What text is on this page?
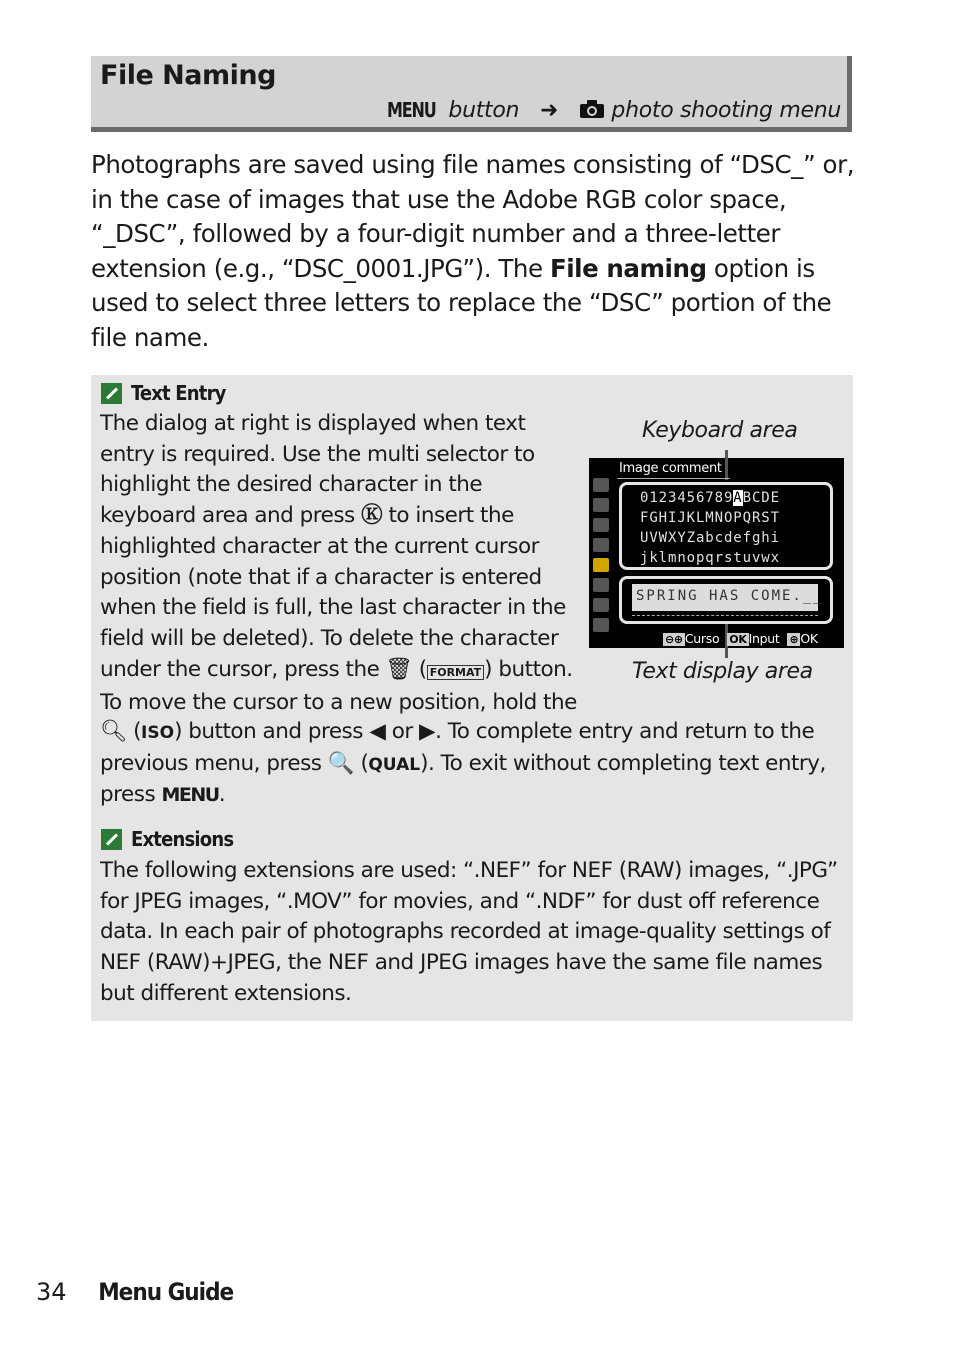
File Naming
MENU button ➜ photo shooting menu

Photographs are saved using file names consisting of “DSC_” or, in the case of images that use the Adobe RGB color space, “_DSC”, followed by a four-digit number and a three-letter extension (e.g., “DSC_0001.JPG”). The File naming option is used to select three letters to replace the “DSC” portion of the file name.

Text Entry

The dialog at right is displayed when text entry is required. Use the multi selector to highlight the desired character in the keyboard area and press Ⓚ to insert the highlighted character at the current cursor position (note that if a character is entered when the field is full, the last character in the field will be deleted). To delete the character under the cursor, press the 🗑 ( FORMAT ) button. To move the cursor to a new position, hold the

🔍︎ (ISO) button and press ◀ or ▶. To complete entry and return to the previous menu, press 🔍 (QUAL). To exit without completing text entry, press MENU.

Extensions

The following extensions are used: “.NEF” for NEF (RAW) images, “.JPG” for JPEG images, “.MOV” for movies, and “.NDF” for dust off reference data. In each pair of photographs recorded at image-quality settings of NEF (RAW)+JPEG, the NEF and JPEG images have the same file names but different extensions.

Keyboard area
Text display area
Image comment
0123456789ABCDE
FGHIJKLMNOPQRST
UVWXYZabcdefghi
jklmnopqrstuvwx
SPRING HAS COME.__
⊖⊕ Curso OK Input ⊕ OK
34 Menu Guide
